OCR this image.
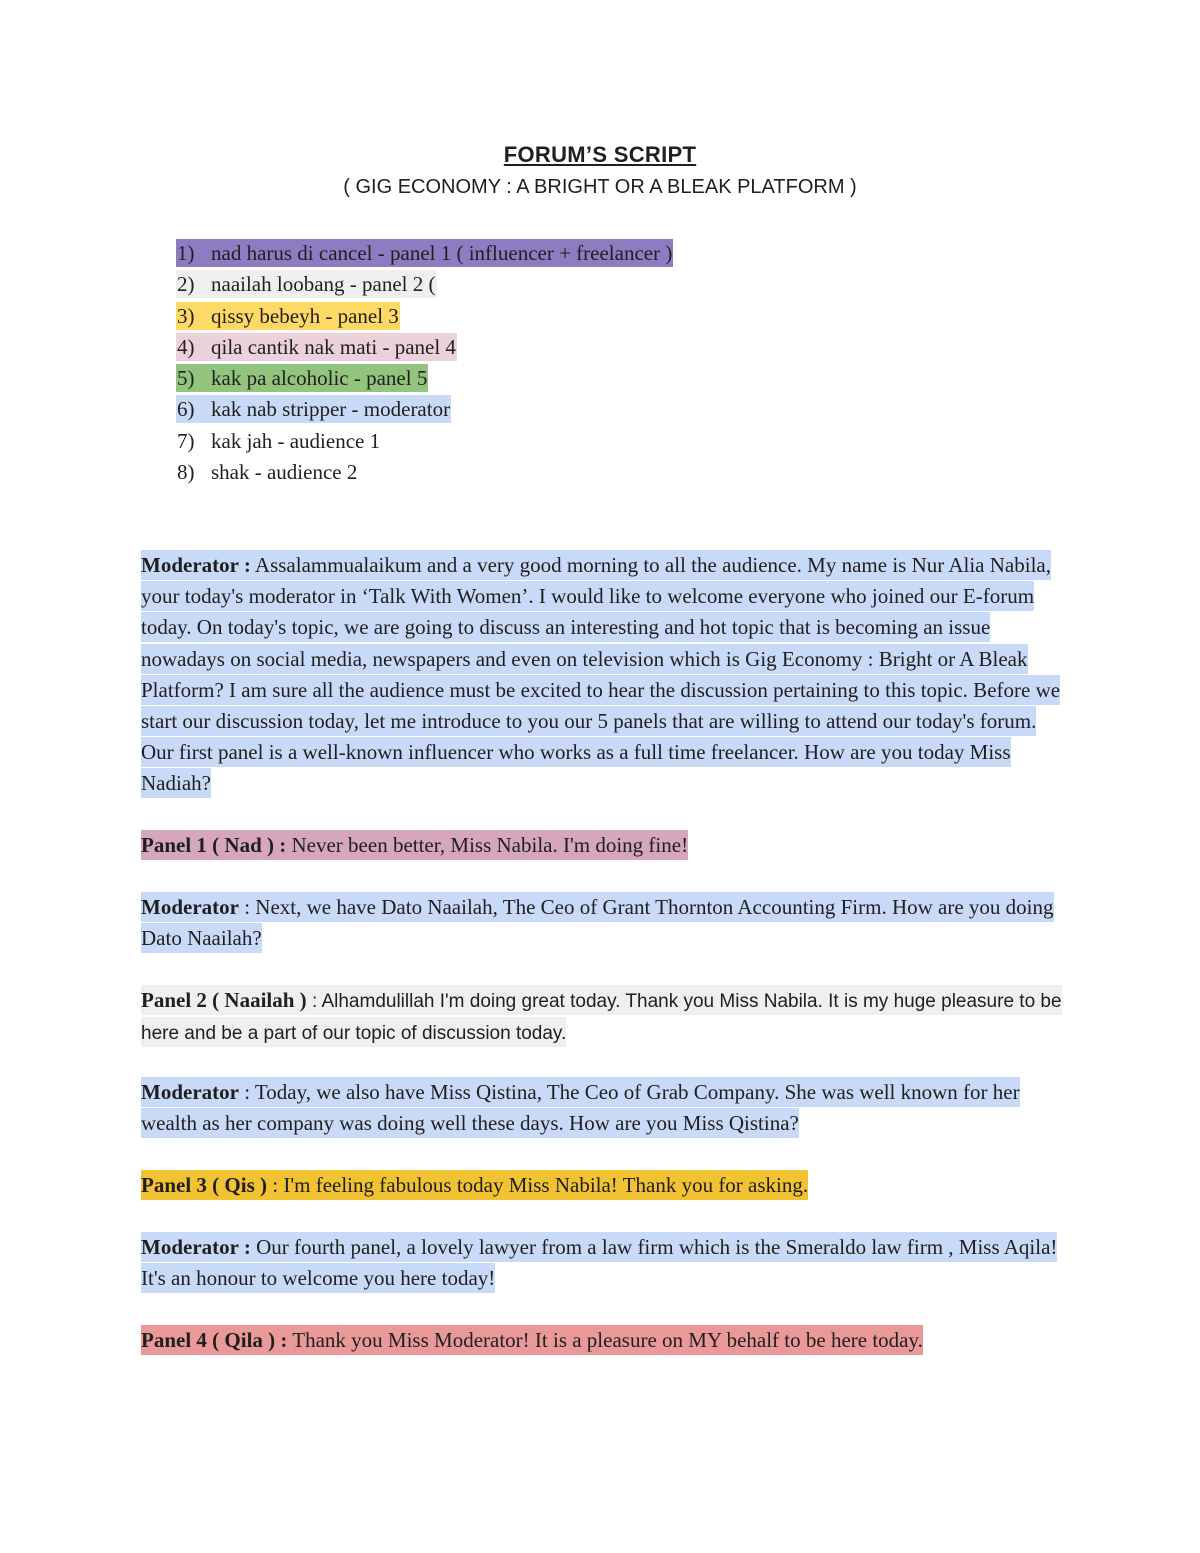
FORUM’S SCRIPT
( GIG ECONOMY : A BRIGHT OR A BLEAK PLATFORM )
1) nad harus di cancel - panel 1 ( influencer + freelancer )
2) naailah loobang - panel 2 (
3) qissy bebeyh - panel 3
4) qila cantik nak mati - panel 4
5) kak pa alcoholic - panel 5
6) kak nab stripper - moderator
7) kak jah - audience 1
8) shak - audience 2
Moderator : Assalammualaikum and a very good morning to all the audience. My name is Nur Alia Nabila, your today's moderator in ‘Talk With Women’. I would like to welcome everyone who joined our E-forum today. On today's topic, we are going to discuss an interesting and hot topic that is becoming an issue nowadays on social media, newspapers and even on television which is Gig Economy : Bright or A Bleak Platform? I am sure all the audience must be excited to hear the discussion pertaining to this topic. Before we start our discussion today, let me introduce to you our 5 panels that are willing to attend our today's forum. Our first panel is a well-known influencer who works as a full time freelancer. How are you today Miss Nadiah?
Panel 1 ( Nad ) : Never been better, Miss Nabila. I'm doing fine!
Moderator : Next, we have Dato Naailah, The Ceo of Grant Thornton Accounting Firm. How are you doing Dato Naailah?
Panel 2 ( Naailah ) : Alhamdulillah I'm doing great today. Thank you Miss Nabila. It is my huge pleasure to be here and be a part of our topic of discussion today.
Moderator : Today, we also have Miss Qistina, The Ceo of Grab Company. She was well known for her wealth as her company was doing well these days. How are you Miss Qistina?
Panel 3 ( Qis ) : I'm feeling fabulous today Miss Nabila! Thank you for asking.
Moderator : Our fourth panel, a lovely lawyer from a law firm which is the Smeraldo law firm , Miss Aqila! It's an honour to welcome you here today!
Panel 4 ( Qila ) : Thank you Miss Moderator! It is a pleasure on MY behalf to be here today.
